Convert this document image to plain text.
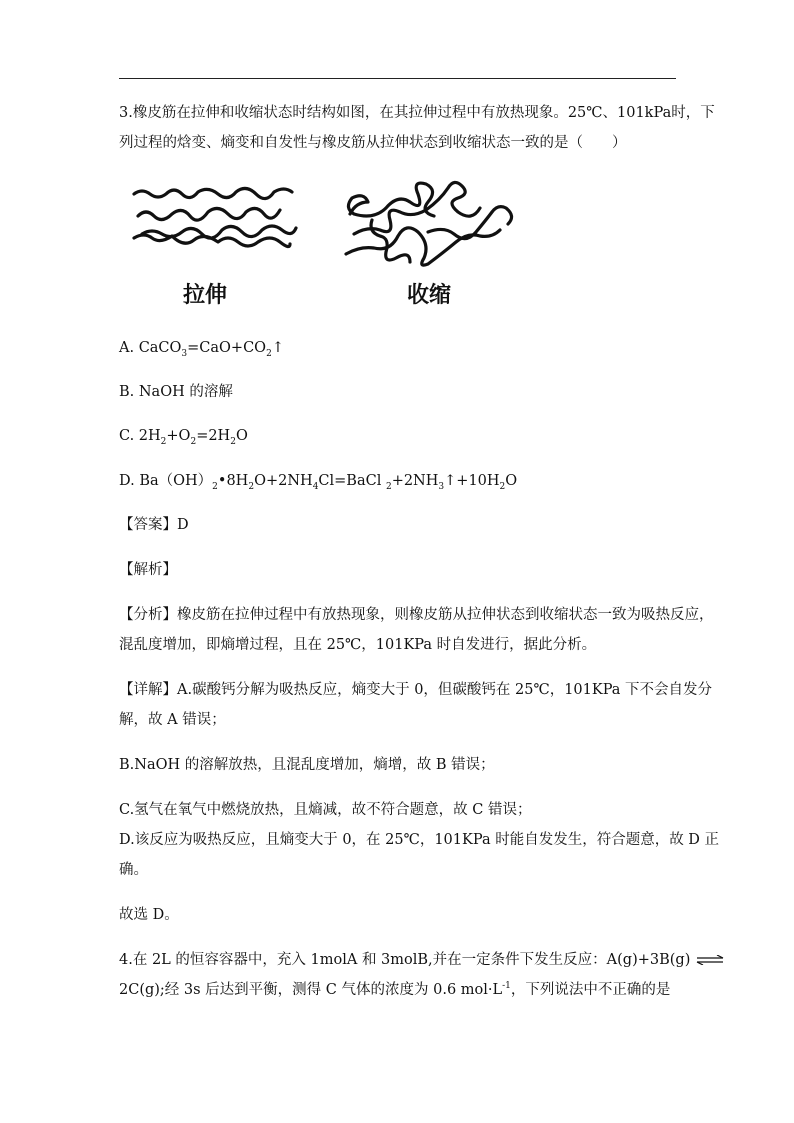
3.橡皮筋在拉伸和收缩状态时结构如图，在其拉伸过程中有放热现象。25℃、101kPa时，下
列过程的焓变、熵变和自发性与橡皮筋从拉伸状态到收缩状态一致的是（　　）
拉伸	收缩
A. $CaCO_3=CaO+CO_2↑$
B. NaOH 的溶解
C. $2H_2+O_2=2H_2O$
D. $Ba(OH)_2•8H_2O+2NH_4Cl=BaCl$ $_2+2NH_3↑+10H_2O$
【答案】D
【解析】
【分析】橡皮筋在拉伸过程中有放热现象，则橡皮筋从拉伸状态到收缩状态一致为吸热反应，
混乱度增加，即熵增过程，且在 25℃，101KPa 时自发进行，据此分析。
【详解】A.碳酸钙分解为吸热反应，熵变大于 0，但碳酸钙在 25℃，101KPa 下不会自发分
解，故 A 错误；
B.NaOH 的溶解放热，且混乱度增加，熵增，故 B 错误；
C.氢气在氧气中燃烧放热，且熵减，故不符合题意，故 C 错误；
D.该反应为吸热反应，且熵变大于 0，在 25℃，101KPa 时能自发发生，符合题意，故 D 正
确。
故选 D。
4.在 2L 的恒容容器中，充入 1molA 和 3molB,并在一定条件下发生反应：A(g)+3B(g) ⇌
2C(g);经 3s 后达到平衡，测得 C 气体的浓度为 0.6 $mol\cdot L^{-1}$，下列说法中不正确的是
